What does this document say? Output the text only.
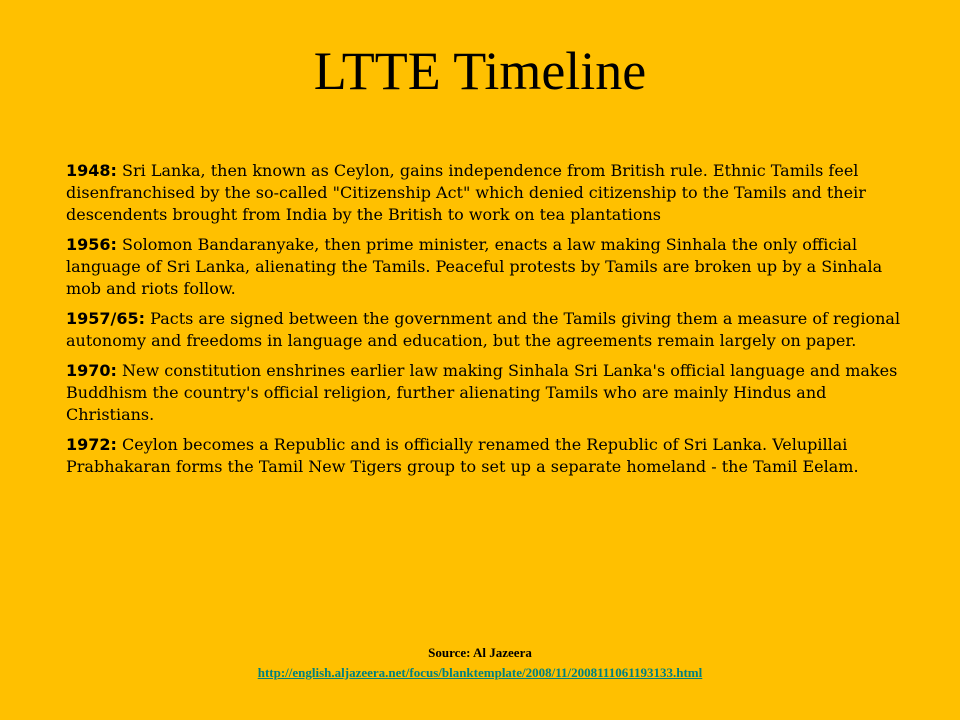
LTTE Timeline
1948: Sri Lanka, then known as Ceylon, gains independence from British rule. Ethnic Tamils feel disenfranchised by the so-called "Citizenship Act" which denied citizenship to the Tamils and their descendents brought from India by the British to work on tea plantations
1956: Solomon Bandaranyake, then prime minister, enacts a law making Sinhala the only official language of Sri Lanka, alienating the Tamils. Peaceful protests by Tamils are broken up by a Sinhala mob and riots follow.
1957/65: Pacts are signed between the government and the Tamils giving them a measure of regional autonomy and freedoms in language and education, but the agreements remain largely on paper.
1970: New constitution enshrines earlier law making Sinhala Sri Lanka's official language and makes Buddhism the country's official religion, further alienating Tamils who are mainly Hindus and Christians.
1972: Ceylon becomes a Republic and is officially renamed the Republic of Sri Lanka. Velupillai Prabhakaran forms the Tamil New Tigers group to set up a separate homeland - the Tamil Eelam.
Source: Al Jazeera
http://english.aljazeera.net/focus/blanktemplate/2008/11/2008111061193133.html
